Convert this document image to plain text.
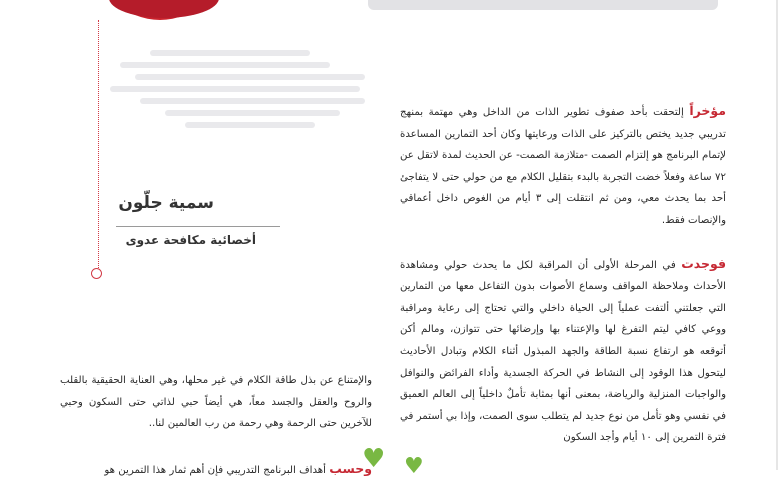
سمية جلّون
أخصائية مكافحة عدوى

مؤخراً إلتحقت بأحد صفوف تطوير الذات من الداخل وهي مهتمة بمنهج تدريبي جديد يختص بالتركيز على الذات ورعايتها وكان أحد التمارين المساعدة لإتمام البرنامج هو إلتزام الصمت -متلازمة الصمت- عن الحديث لمدة لاتقل عن ٧٢ ساعة وفعلاً خضت التجربة بالبدء بتقليل الكلام مع من حولي حتى لا يتفاجئ أحد بما يحدث معي، ومن ثم انتقلت إلى ٣ أيام من الغوص داخل أعماقي والإنصات فقط.

فوجدت في المرحلة الأولى أن المراقبة لكل ما يحدث حولي ومشاهدة الأحداث وملاحظة المواقف وسماع الأصوات بدون التفاعل معها من التمارين التي جعلتني ألتفت عملياً إلى الحياة داخلي والتي تحتاج إلى رعاية ومراقبة ووعي كافي ليتم التفرغ لها والإعتناء بها وإرضائها حتى تتوازن، ومالم أكن أتوقعه هو ارتفاع نسبة الطاقة والجهد المبذول أثناء الكلام وتبادل الأحاديث ليتحول هذا الوقود إلى النشاط في الحركة الجسدية وأداء الفرائض والنوافل والواجبات المنزلية والرياضة، بمعنى أنها بمثابة تأملٌ داخلياً إلى العالم العميق في نفسي وهو تأمل من نوع جديد لم يتطلب سوى الصمت، وإذا بي أستمر في فترة التمرين إلى ١٠ أيام وأجد السكون

والإمتناع عن بذل طاقة الكلام في غير محلها، وهي العناية الحقيقية بالقلب والروح والعقل والجسد معاً، هي أيضاً حبي لذاتي حتى السكون وحبي للآخرين حتى الرحمة وهي رحمة من رب العالمين لنا..

وحسب أهداف البرنامج التدريبي فإن أهم ثمار هذا التمرين هو	♥ ♥
